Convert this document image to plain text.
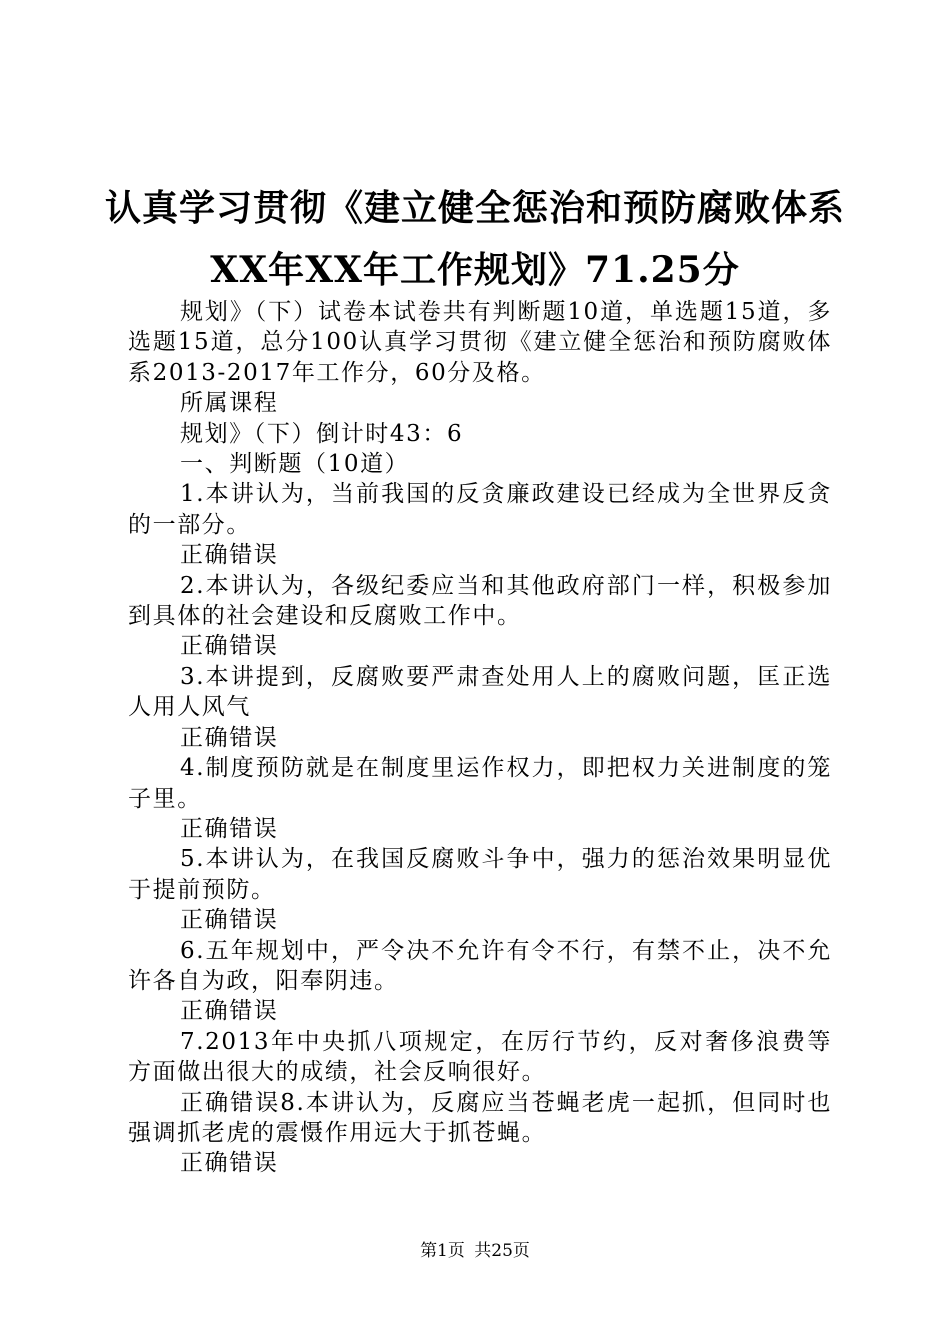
认真学习贯彻《建立健全惩治和预防腐败体系
XX年XX年工作规划》71.25分

规划》（下）试卷本试卷共有判断题10道，单选题15道，多选题15道，总分100认真学习贯彻《建立健全惩治和预防腐败体系2013-2017年工作分，60分及格。

所属课程

规划》（下）倒计时43：6

一、判断题（10道）

1.本讲认为，当前我国的反贪廉政建设已经成为全世界反贪的一部分。

正确错误

2.本讲认为，各级纪委应当和其他政府部门一样，积极参加到具体的社会建设和反腐败工作中。

正确错误

3.本讲提到，反腐败要严肃查处用人上的腐败问题，匡正选人用人风气

正确错误

4.制度预防就是在制度里运作权力，即把权力关进制度的笼子里。

正确错误

5.本讲认为，在我国反腐败斗争中，强力的惩治效果明显优于提前预防。

正确错误

6.五年规划中，严令决不允许有令不行，有禁不止，决不允许各自为政，阳奉阴违。

正确错误

7.2013年中央抓八项规定，在厉行节约，反对奢侈浪费等方面做出很大的成绩，社会反响很好。

正确错误8.本讲认为，反腐应当苍蝇老虎一起抓，但同时也强调抓老虎的震慑作用远大于抓苍蝇。

正确错误

第1页 共25页
